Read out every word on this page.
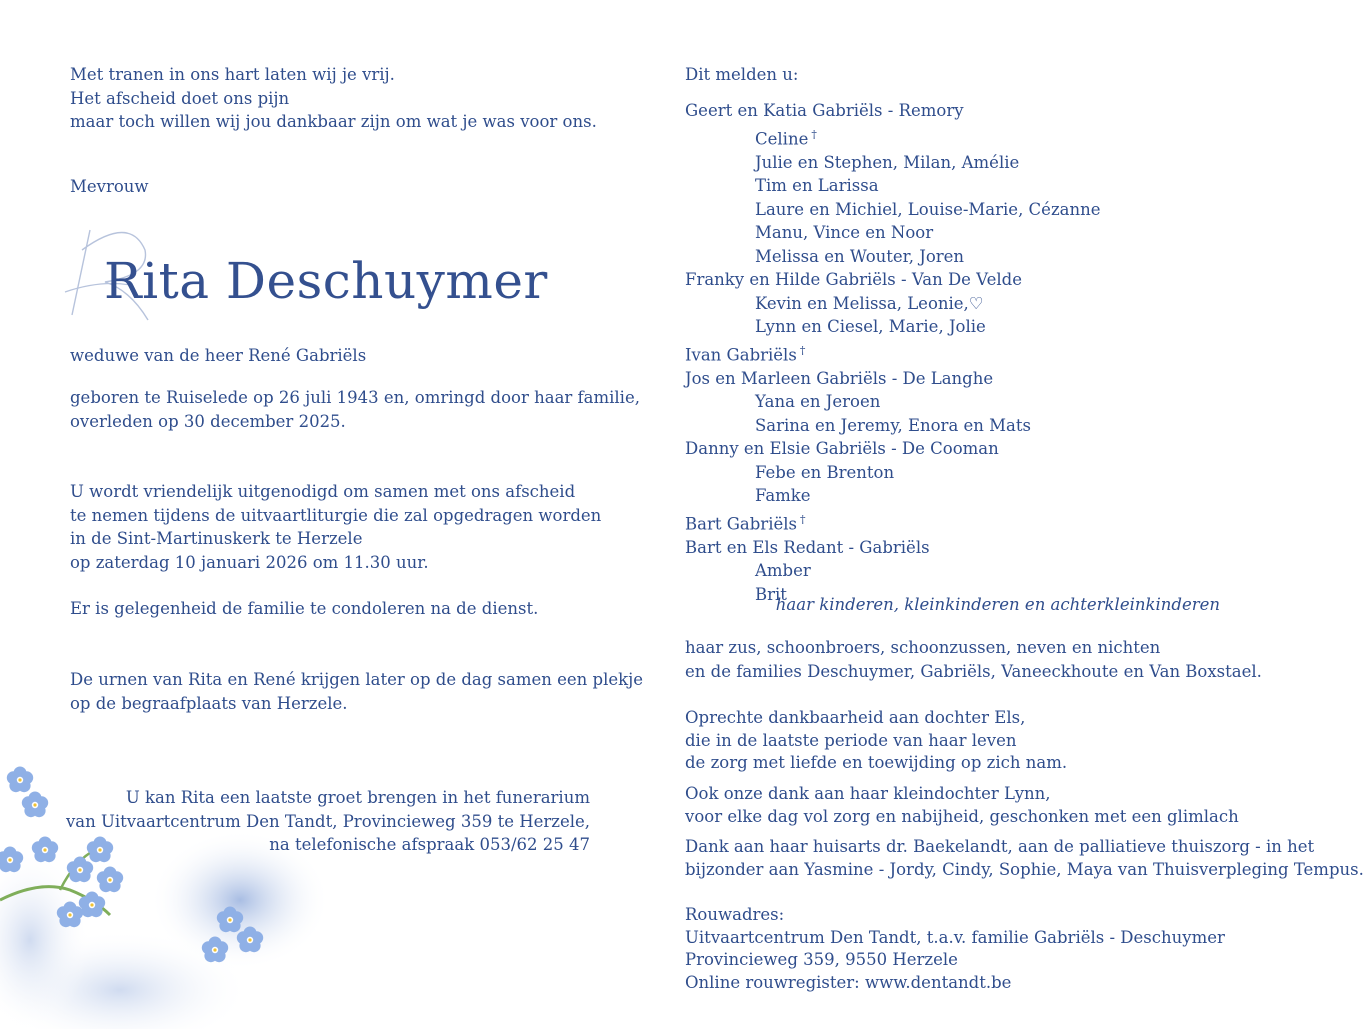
Met tranen in ons hart laten wij je vrij.
Het afscheid doet ons pijn
maar toch willen wij jou dankbaar zijn om wat je was voor ons.
Mevrouw
Rita Deschuymer
weduwe van de heer René Gabriëls
geboren te Ruiselede op 26 juli 1943 en, omringd door haar familie,
overleden op 30 december 2025.
U wordt vriendelijk uitgenodigd om samen met ons afscheid
te nemen tijdens de uitvaartliturgie die zal opgedragen worden
in de Sint-Martinuskerk te Herzele
op zaterdag 10 januari 2026 om 11.30 uur.
Er is gelegenheid de familie te condoleren na de dienst.
De urnen van Rita en René krijgen later op de dag samen een plekje
op de begraafplaats van Herzele.
U kan Rita een laatste groet brengen in het funerarium
van Uitvaartcentrum Den Tandt, Provincieweg 359 te Herzele,
na telefonische afspraak 053/62 25 47
Dit melden u:
Geert en Katia Gabriëls - Remory
Celine †
Julie en Stephen, Milan, Amélie
Tim en Larissa
Laure en Michiel, Louise-Marie, Cézanne
Manu, Vince en Noor
Melissa en Wouter, Joren
Franky en Hilde Gabriëls - Van De Velde
Kevin en Melissa, Leonie,♡
Lynn en Ciesel, Marie, Jolie
Ivan Gabriëls †
Jos en Marleen Gabriëls - De Langhe
Yana en Jeroen
Sarina en Jeremy, Enora en Mats
Danny en Elsie Gabriëls - De Cooman
Febe en Brenton
Famke
Bart Gabriëls †
Bart en Els Redant - Gabriëls
Amber
Brit
haar kinderen, kleinkinderen en achterkleinkinderen
haar zus, schoonbroers, schoonzussen, neven en nichten
en de families Deschuymer, Gabriëls, Vaneeckhoute en Van Boxstael.
Oprechte dankbaarheid aan dochter Els,
die in de laatste periode van haar leven
de zorg met liefde en toewijding op zich nam.
Ook onze dank aan haar kleindochter Lynn,
voor elke dag vol zorg en nabijheid, geschonken met een glimlach
Dank aan haar huisarts dr. Baekelandt, aan de palliatieve thuiszorg - in het
bijzonder aan Yasmine - Jordy, Cindy, Sophie, Maya van Thuisverpleging Tempus.
Rouwadres:
Uitvaartcentrum Den Tandt, t.a.v. familie Gabriëls - Deschuymer
Provincieweg 359, 9550 Herzele
Online rouwregister: www.dentandt.be
